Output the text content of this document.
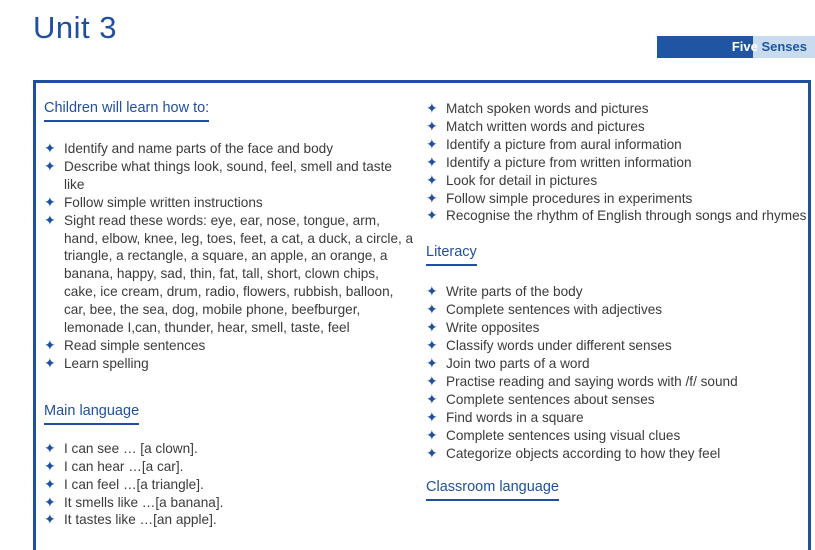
Unit 3
Five Senses
Children will learn how to:
✦ Identify and name parts of the face and body
✦ Describe what things look, sound, feel, smell and taste like
✦ Follow simple written instructions
✦ Sight read these words: eye, ear, nose, tongue, arm, hand, elbow, knee, leg, toes, feet, a cat, a duck, a circle, a triangle, a rectangle, a square, an apple, an orange, a banana, happy, sad, thin, fat, tall, short, clown chips, cake, ice cream, drum, radio, flowers, rubbish, balloon, car, bee, the sea, dog, mobile phone, beefburger, lemonade I,can, thunder, hear, smell, taste, feel
✦ Read simple sentences
✦ Learn spelling
Main language
✦ I can see … [a clown].
✦ I can hear …[a car].
✦ I can feel …[a triangle].
✦ It smells like …[a banana].
✦ It tastes like …[an apple].
✦ Match spoken words and pictures
✦ Match written words and pictures
✦ Identify a picture from aural information
✦ Identify a picture from written information
✦ Look for detail in pictures
✦ Follow simple procedures in experiments
✦ Recognise the rhythm of English through songs and rhymes
Literacy
✦ Write parts of the body
✦ Complete sentences with adjectives
✦ Write opposites
✦ Classify words under different senses
✦ Join two parts of a word
✦ Practise reading and saying words with /f/ sound
✦ Complete sentences about senses
✦ Find words in a square
✦ Complete sentences using visual clues
✦ Categorize objects according to how they feel
Classroom language
